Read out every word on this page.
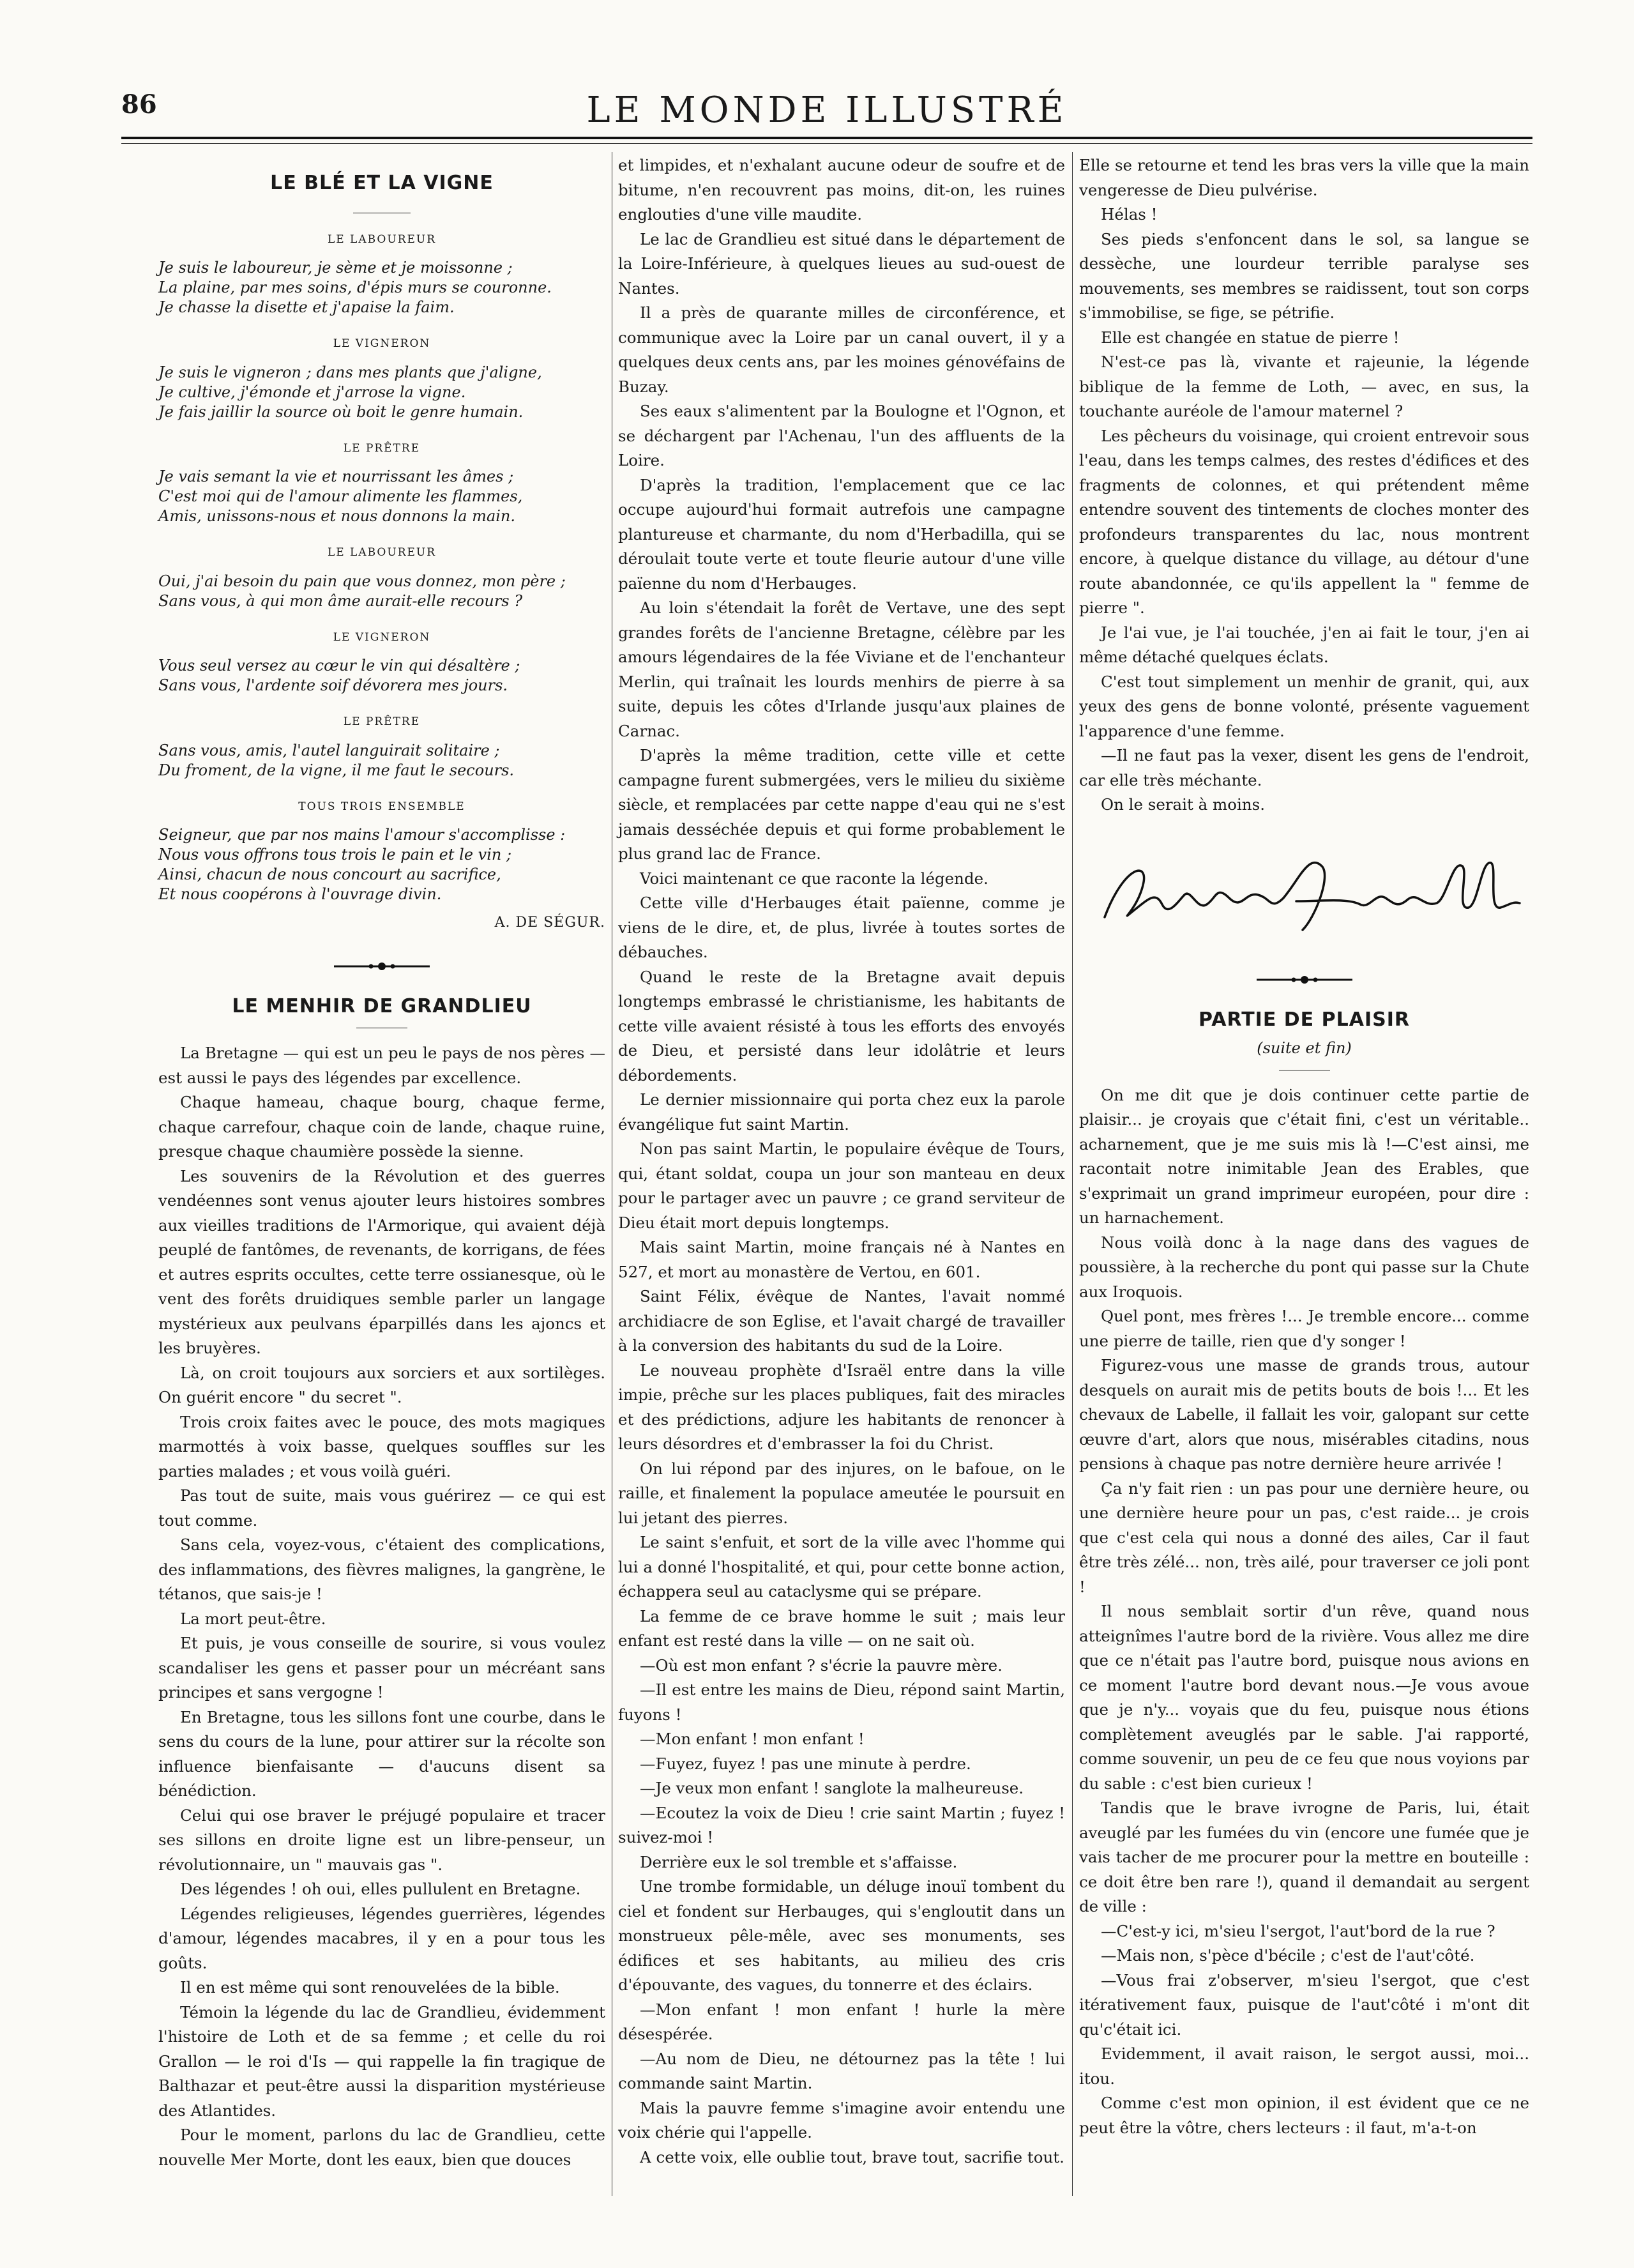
86	LE MONDE ILLUSTRÉ
LE BLÉ ET LA VIGNE
LE LABOUREUR
Je suis le laboureur, je sème et je moissonne ;
La plaine, par mes soins, d'épis murs se couronne.
Je chasse la disette et j'apaise la faim.
LE VIGNERON
Je suis le vigneron ; dans mes plants que j'aligne,
Je cultive, j'émonde et j'arrose la vigne.
Je fais jaillir la source où boit le genre humain.
LE PRÊTRE
Je vais semant la vie et nourrissant les âmes ;
C'est moi qui de l'amour alimente les flammes,
Amis, unissons-nous et nous donnons la main.
LE LABOUREUR
Oui, j'ai besoin du pain que vous donnez, mon père ;
Sans vous, à qui mon âme aurait-elle recours ?
LE VIGNERON
Vous seul versez au cœur le vin qui désaltère ;
Sans vous, l'ardente soif dévorera mes jours.
LE PRÊTRE
Sans vous, amis, l'autel languirait solitaire ;
Du froment, de la vigne, il me faut le secours.
TOUS TROIS ENSEMBLE
Seigneur, que par nos mains l'amour s'accomplisse :
Nous vous offrons tous trois le pain et le vin ;
Ainsi, chacun de nous concourt au sacrifice,
Et nous coopérons à l'ouvrage divin.
A. DE SÉGUR.
LE MENHIR DE GRANDLIEU

La Bretagne — qui est un peu le pays de nos pères — est aussi le pays des légendes par excellence.

Chaque hameau, chaque bourg, chaque ferme, chaque carrefour, chaque coin de lande, chaque ruine, presque chaque chaumière possède la sienne.

Les souvenirs de la Révolution et des guerres vendéennes sont venus ajouter leurs histoires sombres aux vieilles traditions de l'Armorique, qui avaient déjà peuplé de fantômes, de revenants, de korrigans, de fées et autres esprits occultes, cette terre ossianesque, où le vent des forêts druidiques semble parler un langage mystérieux aux peulvans éparpillés dans les ajoncs et les bruyères.

Là, on croit toujours aux sorciers et aux sortilèges. On guérit encore " du secret ".

Trois croix faites avec le pouce, des mots magiques marmottés à voix basse, quelques souffles sur les parties malades ; et vous voilà guéri.

Pas tout de suite, mais vous guérirez — ce qui est tout comme.

Sans cela, voyez-vous, c'étaient des complications, des inflammations, des fièvres malignes, la gangrène, le tétanos, que sais-je !

La mort peut-être.

Et puis, je vous conseille de sourire, si vous voulez scandaliser les gens et passer pour un mécréant sans principes et sans vergogne !

En Bretagne, tous les sillons font une courbe, dans le sens du cours de la lune, pour attirer sur la récolte son influence bienfaisante — d'aucuns disent sa bénédiction.

Celui qui ose braver le préjugé populaire et tracer ses sillons en droite ligne est un libre-penseur, un révolutionnaire, un " mauvais gas ".

Des légendes ! oh oui, elles pullulent en Bretagne.

Légendes religieuses, légendes guerrières, légendes d'amour, légendes macabres, il y en a pour tous les goûts.

Il en est même qui sont renouvelées de la bible.

Témoin la légende du lac de Grandlieu, évidemment l'histoire de Loth et de sa femme ; et celle du roi Grallon — le roi d'Is — qui rappelle la fin tragique de Balthazar et peut-être aussi la disparition mystérieuse des Atlantides.

Pour le moment, parlons du lac de Grandlieu, cette nouvelle Mer Morte, dont les eaux, bien que douces

et limpides, et n'exhalant aucune odeur de soufre et de bitume, n'en recouvrent pas moins, dit-on, les ruines englouties d'une ville maudite.

Le lac de Grandlieu est situé dans le département de la Loire-Inférieure, à quelques lieues au sud-ouest de Nantes.

Il a près de quarante milles de circonférence, et communique avec la Loire par un canal ouvert, il y a quelques deux cents ans, par les moines génovéfains de Buzay.

Ses eaux s'alimentent par la Boulogne et l'Ognon, et se déchargent par l'Achenau, l'un des affluents de la Loire.

D'après la tradition, l'emplacement que ce lac occupe aujourd'hui formait autrefois une campagne plantureuse et charmante, du nom d'Herbadilla, qui se déroulait toute verte et toute fleurie autour d'une ville païenne du nom d'Herbauges.

Au loin s'étendait la forêt de Vertave, une des sept grandes forêts de l'ancienne Bretagne, célèbre par les amours légendaires de la fée Viviane et de l'enchanteur Merlin, qui traînait les lourds menhirs de pierre à sa suite, depuis les côtes d'Irlande jusqu'aux plaines de Carnac.

D'après la même tradition, cette ville et cette campagne furent submergées, vers le milieu du sixième siècle, et remplacées par cette nappe d'eau qui ne s'est jamais desséchée depuis et qui forme probablement le plus grand lac de France.

Voici maintenant ce que raconte la légende.

Cette ville d'Herbauges était païenne, comme je viens de le dire, et, de plus, livrée à toutes sortes de débauches.

Quand le reste de la Bretagne avait depuis longtemps embrassé le christianisme, les habitants de cette ville avaient résisté à tous les efforts des envoyés de Dieu, et persisté dans leur idolâtrie et leurs débordements.

Le dernier missionnaire qui porta chez eux la parole évangélique fut saint Martin.

Non pas saint Martin, le populaire évêque de Tours, qui, étant soldat, coupa un jour son manteau en deux pour le partager avec un pauvre ; ce grand serviteur de Dieu était mort depuis longtemps.

Mais saint Martin, moine français né à Nantes en 527, et mort au monastère de Vertou, en 601.

Saint Félix, évêque de Nantes, l'avait nommé archidiacre de son Eglise, et l'avait chargé de travailler à la conversion des habitants du sud de la Loire.

Le nouveau prophète d'Israël entre dans la ville impie, prêche sur les places publiques, fait des miracles et des prédictions, adjure les habitants de renoncer à leurs désordres et d'embrasser la foi du Christ.

On lui répond par des injures, on le bafoue, on le raille, et finalement la populace ameutée le poursuit en lui jetant des pierres.

Le saint s'enfuit, et sort de la ville avec l'homme qui lui a donné l'hospitalité, et qui, pour cette bonne action, échappera seul au cataclysme qui se prépare.

La femme de ce brave homme le suit ; mais leur enfant est resté dans la ville — on ne sait où.

—Où est mon enfant ? s'écrie la pauvre mère.

—Il est entre les mains de Dieu, répond saint Martin, fuyons !

—Mon enfant ! mon enfant !

—Fuyez, fuyez ! pas une minute à perdre.

—Je veux mon enfant ! sanglote la malheureuse.

—Ecoutez la voix de Dieu ! crie saint Martin ; fuyez ! suivez-moi !

Derrière eux le sol tremble et s'affaisse.

Une trombe formidable, un déluge inouï tombent du ciel et fondent sur Herbauges, qui s'engloutit dans un monstrueux pêle-mêle, avec ses monuments, ses édifices et ses habitants, au milieu des cris d'épouvante, des vagues, du tonnerre et des éclairs.

—Mon enfant ! mon enfant ! hurle la mère désespérée.

—Au nom de Dieu, ne détournez pas la tête ! lui commande saint Martin.

Mais la pauvre femme s'imagine avoir entendu une voix chérie qui l'appelle.

A cette voix, elle oublie tout, brave tout, sacrifie tout.

Elle se retourne et tend les bras vers la ville que la main vengeresse de Dieu pulvérise.

Hélas !

Ses pieds s'enfoncent dans le sol, sa langue se dessèche, une lourdeur terrible paralyse ses mouvements, ses membres se raidissent, tout son corps s'immobilise, se fige, se pétrifie.

Elle est changée en statue de pierre !

N'est-ce pas là, vivante et rajeunie, la légende biblique de la femme de Loth, — avec, en sus, la touchante auréole de l'amour maternel ?

Les pêcheurs du voisinage, qui croient entrevoir sous l'eau, dans les temps calmes, des restes d'édifices et des fragments de colonnes, et qui prétendent même entendre souvent des tintements de cloches monter des profondeurs transparentes du lac, nous montrent encore, à quelque distance du village, au détour d'une route abandonnée, ce qu'ils appellent la " femme de pierre ".

Je l'ai vue, je l'ai touchée, j'en ai fait le tour, j'en ai même détaché quelques éclats.

C'est tout simplement un menhir de granit, qui, aux yeux des gens de bonne volonté, présente vaguement l'apparence d'une femme.

—Il ne faut pas la vexer, disent les gens de l'endroit, car elle très méchante.

On le serait à moins.

PARTIE DE PLAISIR
(suite et fin)

On me dit que je dois continuer cette partie de plaisir... je croyais que c'était fini, c'est un véritable.. acharnement, que je me suis mis là !—C'est ainsi, me racontait notre inimitable Jean des Erables, que s'exprimait un grand imprimeur européen, pour dire : un harnachement.

Nous voilà donc à la nage dans des vagues de poussière, à la recherche du pont qui passe sur la Chute aux Iroquois.

Quel pont, mes frères !... Je tremble encore... comme une pierre de taille, rien que d'y songer !

Figurez-vous une masse de grands trous, autour desquels on aurait mis de petits bouts de bois !... Et les chevaux de Labelle, il fallait les voir, galopant sur cette œuvre d'art, alors que nous, misérables citadins, nous pensions à chaque pas notre dernière heure arrivée !

Ça n'y fait rien : un pas pour une dernière heure, ou une dernière heure pour un pas, c'est raide... je crois que c'est cela qui nous a donné des ailes, Car il faut être très zélé... non, très ailé, pour traverser ce joli pont !

Il nous semblait sortir d'un rêve, quand nous atteignîmes l'autre bord de la rivière. Vous allez me dire que ce n'était pas l'autre bord, puisque nous avions en ce moment l'autre bord devant nous.—Je vous avoue que je n'y... voyais que du feu, puisque nous étions complètement aveuglés par le sable. J'ai rapporté, comme souvenir, un peu de ce feu que nous voyions par du sable : c'est bien curieux !

Tandis que le brave ivrogne de Paris, lui, était aveuglé par les fumées du vin (encore une fumée que je vais tacher de me procurer pour la mettre en bouteille : ce doit être ben rare !), quand il demandait au sergent de ville :

—C'est-y ici, m'sieu l'sergot, l'aut'bord de la rue ?

—Mais non, s'pèce d'bécile ; c'est de l'aut'côté.

—Vous frai z'observer, m'sieu l'sergot, que c'est itérativement faux, puisque de l'aut'côté i m'ont dit qu'c'était ici.

Evidemment, il avait raison, le sergot aussi, moi... itou.

Comme c'est mon opinion, il est évident que ce ne peut être la vôtre, chers lecteurs : il faut, m'a-t-on
